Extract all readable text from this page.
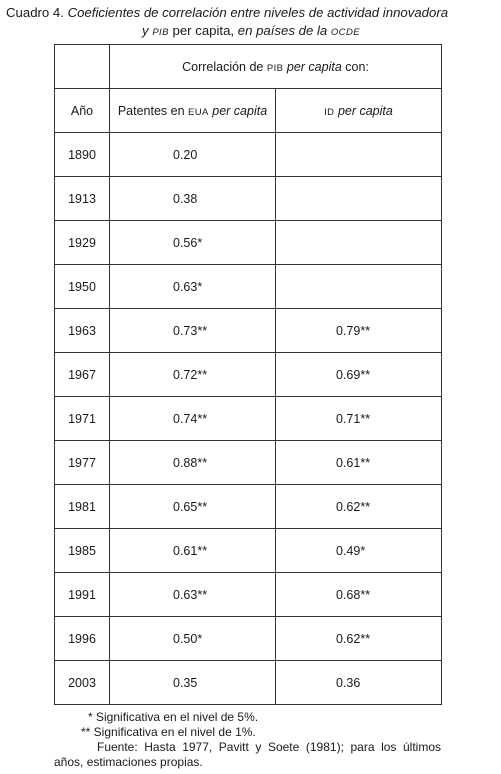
Cuadro 4. Coeficientes de correlación entre niveles de actividad innovadora
y PIB per capita, en países de la OCDE
	Correlación de PIB per capita con:	
Año	Patentes en EUA per capita	ID per capita
1890	0.20	
1913	0.38	
1929	0.56*	
1950	0.63*	
1963	0.73**	0.79**
1967	0.72**	0.69**
1971	0.74**	0.71**
1977	0.88**	0.61**
1981	0.65**	0.62**
1985	0.61**	0.49*
1991	0.63**	0.68**
1996	0.50*	0.62**
2003	0.35	0.36
* Significativa en el nivel de 5%.
** Significativa en el nivel de 1%.
Fuente: Hasta 1977, Pavitt y Soete (1981); para los últimos años, estimaciones propias.
